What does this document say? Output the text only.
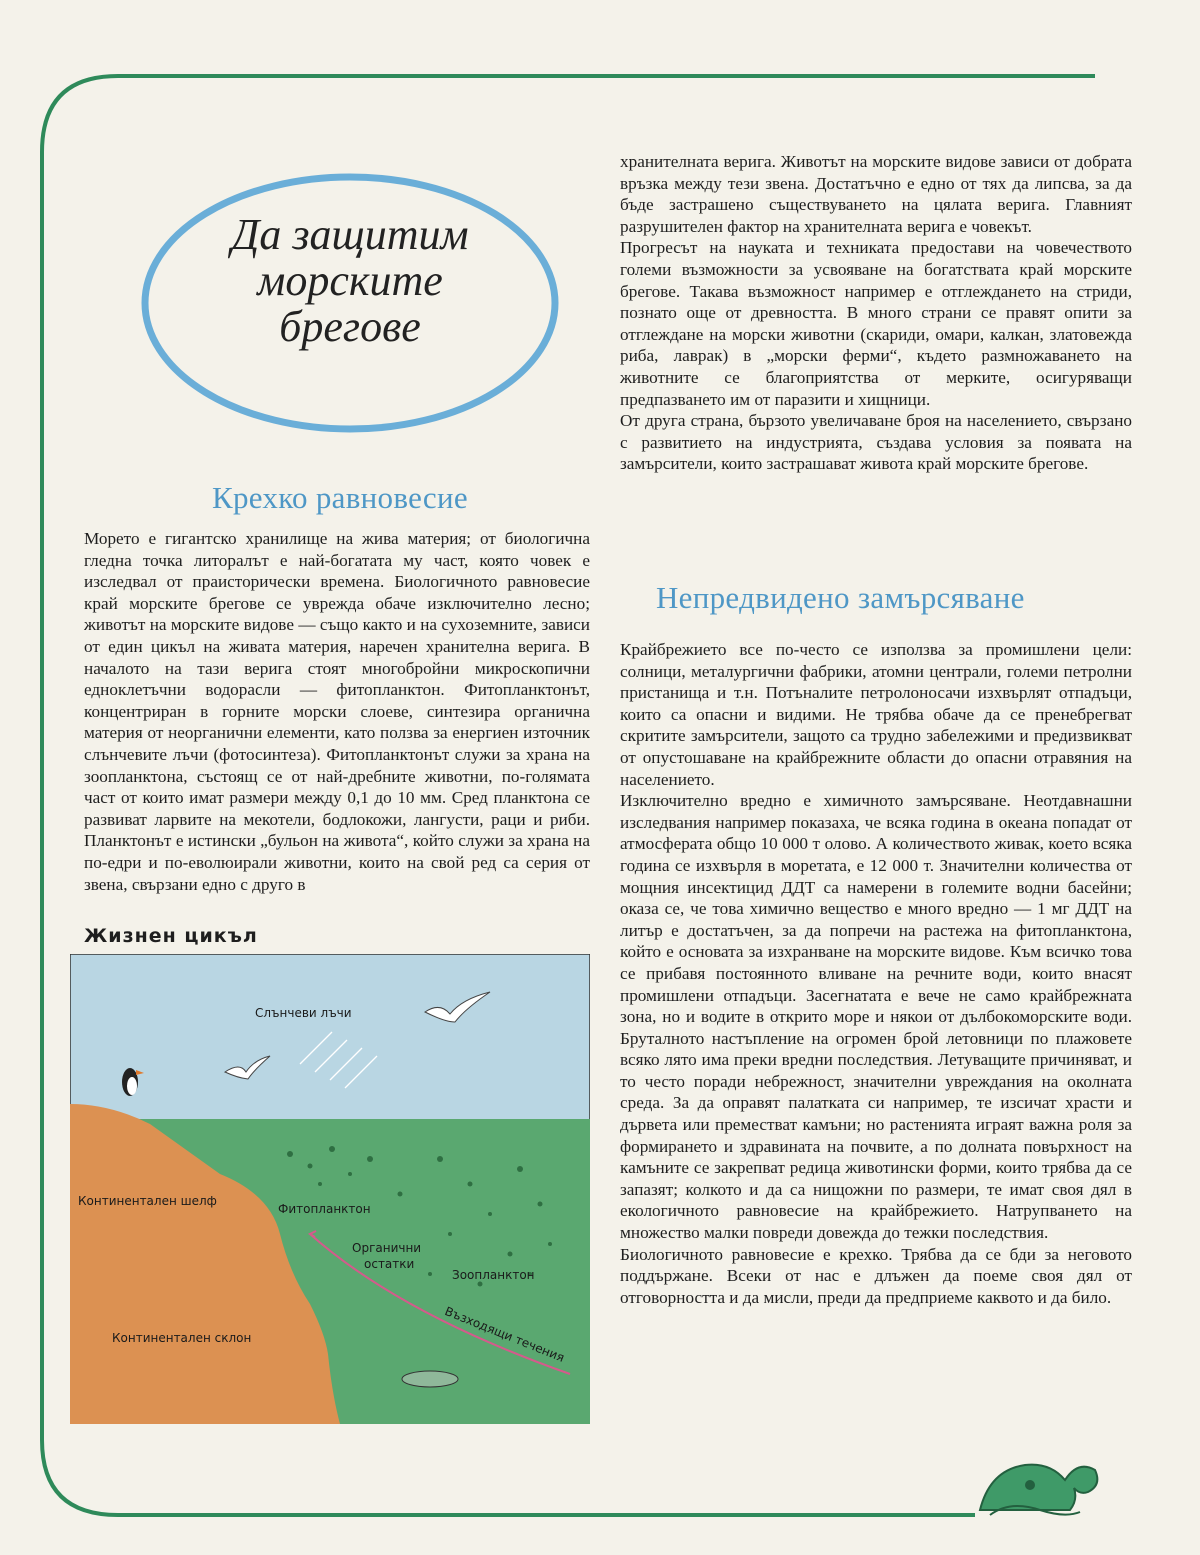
Да защитим
морските
брегове
Крехко равновесие

Морето е гигантско хранилище на жива материя; от биологична гледна точка литоралът е най-богатата му част, която човек е изследвал от праисторически времена. Биологичното равновесие край морските брегове се уврежда обаче изключително лесно; животът на морските видове — също както и на сухоземните, зависи от един цикъл на живата материя, наречен хранителна верига. В началото на тази верига стоят многобройни микроскопични едноклетъчни водорасли — фитопланктон. Фитопланктонът, концентриран в горните морски слоеве, синтезира органична материя от неорганични елементи, като ползва за енергиен източник слънчевите лъчи (фотосинтеза). Фитопланктонът служи за храна на зоопланктона, състоящ се от най-дребните животни, по-голямата част от които имат размери между 0,1 до 10 мм. Сред планктона се развиват ларвите на мекотели, бодлокожи, лангусти, раци и риби. Планктонът е истински „бульон на живота“, който служи за храна на по-едри и по-еволюирали животни, които на свой ред са серия от звена, свързани едно с друго в

хранителната верига. Животът на морските видове зависи от добрата връзка между тези звена. Достатъчно е едно от тях да липсва, за да бъде застрашено съществуването на цялата верига. Главният разрушителен фактор на хранителната верига е човекът.

Прогресът на науката и техниката предостави на човечеството големи възможности за усвояване на богатствата край морските брегове. Такава възможност например е отглеждането на стриди, познато още от древността. В много страни се правят опити за отглеждане на морски животни (скариди, омари, калкан, златовежда риба, лаврак) в „морски ферми“, където размножаването на животните се благоприятства от мерките, осигуряващи предпазването им от паразити и хищници.

От друга страна, бързото увеличаване броя на населението, свързано с развитието на индустрията, създава условия за появата на замърсители, които застрашават живота край морските брегове.

Непредвидено замърсяване

Крайбрежието все по-често се използва за промишлени цели: солници, металургични фабрики, атомни централи, големи петролни пристанища и т.н. Потъналите петролоносачи изхвърлят отпадъци, които са опасни и видими. Не трябва обаче да се пренебрегват скритите замърсители, защото са трудно забележими и предизвикват от опустошаване на крайбрежните области до опасни отравяния на населението.

Изключително вредно е химичното замърсяване. Неотдавнашни изследвания например показаха, че всяка година в океана попадат от атмосферата общо 10 000 т олово. А количеството живак, което всяка година се изхвърля в моретата, е 12 000 т. Значителни количества от мощния инсектицид ДДТ са намерени в големите водни басейни; оказа се, че това химично вещество е много вредно — 1 мг ДДТ на литър е достатъчен, за да попречи на растежа на фитопланктона, който е основата за изхранване на морските видове. Към всичко това се прибавя постоянното вливане на речните води, които внасят промишлени отпадъци. Засегнатата е вече не само крайбрежната зона, но и водите в открито море и някои от дълбокоморските води. Бруталното настъпление на огромен брой летовници по плажовете всяко лято има преки вредни последствия. Летуващите причиняват, и то често поради небрежност, значителни увреждания на околната среда. За да оправят палатката си например, те изсичат храсти и дървета или преместват камъни; но растенията играят важна роля за формирането и здравината на почвите, а по долната повърхност на камъните се закрепват редица животински форми, които трябва да се запазят; колкото и да са нищожни по размери, те имат своя дял в екологичното равновесие на крайбрежието. Натрупването на множество малки повреди довежда до тежки последствия.

Биологичното равновесие е крехко. Трябва да се бди за неговото поддържане. Всеки от нас е длъжен да поеме своя дял от отговорността и да мисли, преди да предприеме каквото и да било.

Жизнен цикъл
Слънчеви лъчи
Континентален шелф
Фитопланктон
Органични
остатки
Зоопланктон
Възходящи течения
Континентален склон
